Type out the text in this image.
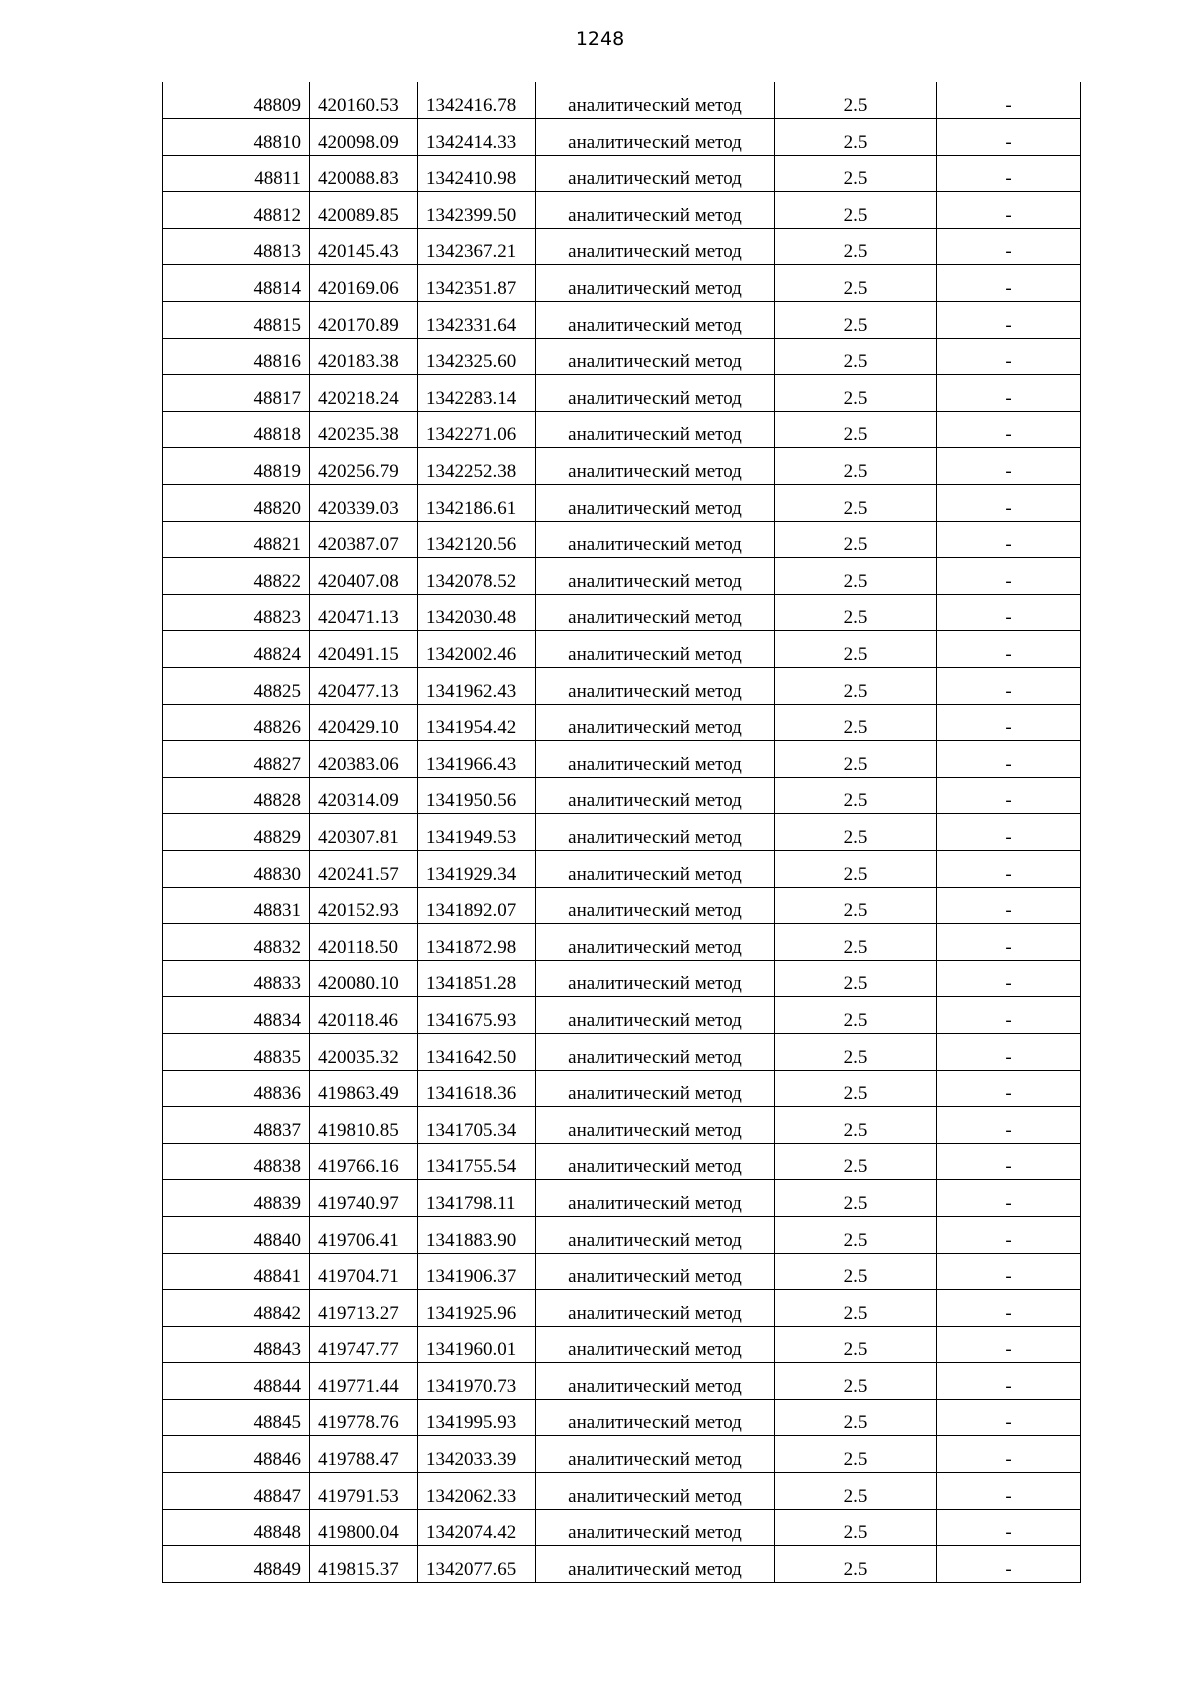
1248
48809	420160.53	1342416.78	аналитический метод	2.5	-
48810	420098.09	1342414.33	аналитический метод	2.5	-
48811	420088.83	1342410.98	аналитический метод	2.5	-
48812	420089.85	1342399.50	аналитический метод	2.5	-
48813	420145.43	1342367.21	аналитический метод	2.5	-
48814	420169.06	1342351.87	аналитический метод	2.5	-
48815	420170.89	1342331.64	аналитический метод	2.5	-
48816	420183.38	1342325.60	аналитический метод	2.5	-
48817	420218.24	1342283.14	аналитический метод	2.5	-
48818	420235.38	1342271.06	аналитический метод	2.5	-
48819	420256.79	1342252.38	аналитический метод	2.5	-
48820	420339.03	1342186.61	аналитический метод	2.5	-
48821	420387.07	1342120.56	аналитический метод	2.5	-
48822	420407.08	1342078.52	аналитический метод	2.5	-
48823	420471.13	1342030.48	аналитический метод	2.5	-
48824	420491.15	1342002.46	аналитический метод	2.5	-
48825	420477.13	1341962.43	аналитический метод	2.5	-
48826	420429.10	1341954.42	аналитический метод	2.5	-
48827	420383.06	1341966.43	аналитический метод	2.5	-
48828	420314.09	1341950.56	аналитический метод	2.5	-
48829	420307.81	1341949.53	аналитический метод	2.5	-
48830	420241.57	1341929.34	аналитический метод	2.5	-
48831	420152.93	1341892.07	аналитический метод	2.5	-
48832	420118.50	1341872.98	аналитический метод	2.5	-
48833	420080.10	1341851.28	аналитический метод	2.5	-
48834	420118.46	1341675.93	аналитический метод	2.5	-
48835	420035.32	1341642.50	аналитический метод	2.5	-
48836	419863.49	1341618.36	аналитический метод	2.5	-
48837	419810.85	1341705.34	аналитический метод	2.5	-
48838	419766.16	1341755.54	аналитический метод	2.5	-
48839	419740.97	1341798.11	аналитический метод	2.5	-
48840	419706.41	1341883.90	аналитический метод	2.5	-
48841	419704.71	1341906.37	аналитический метод	2.5	-
48842	419713.27	1341925.96	аналитический метод	2.5	-
48843	419747.77	1341960.01	аналитический метод	2.5	-
48844	419771.44	1341970.73	аналитический метод	2.5	-
48845	419778.76	1341995.93	аналитический метод	2.5	-
48846	419788.47	1342033.39	аналитический метод	2.5	-
48847	419791.53	1342062.33	аналитический метод	2.5	-
48848	419800.04	1342074.42	аналитический метод	2.5	-
48849	419815.37	1342077.65	аналитический метод	2.5	-
